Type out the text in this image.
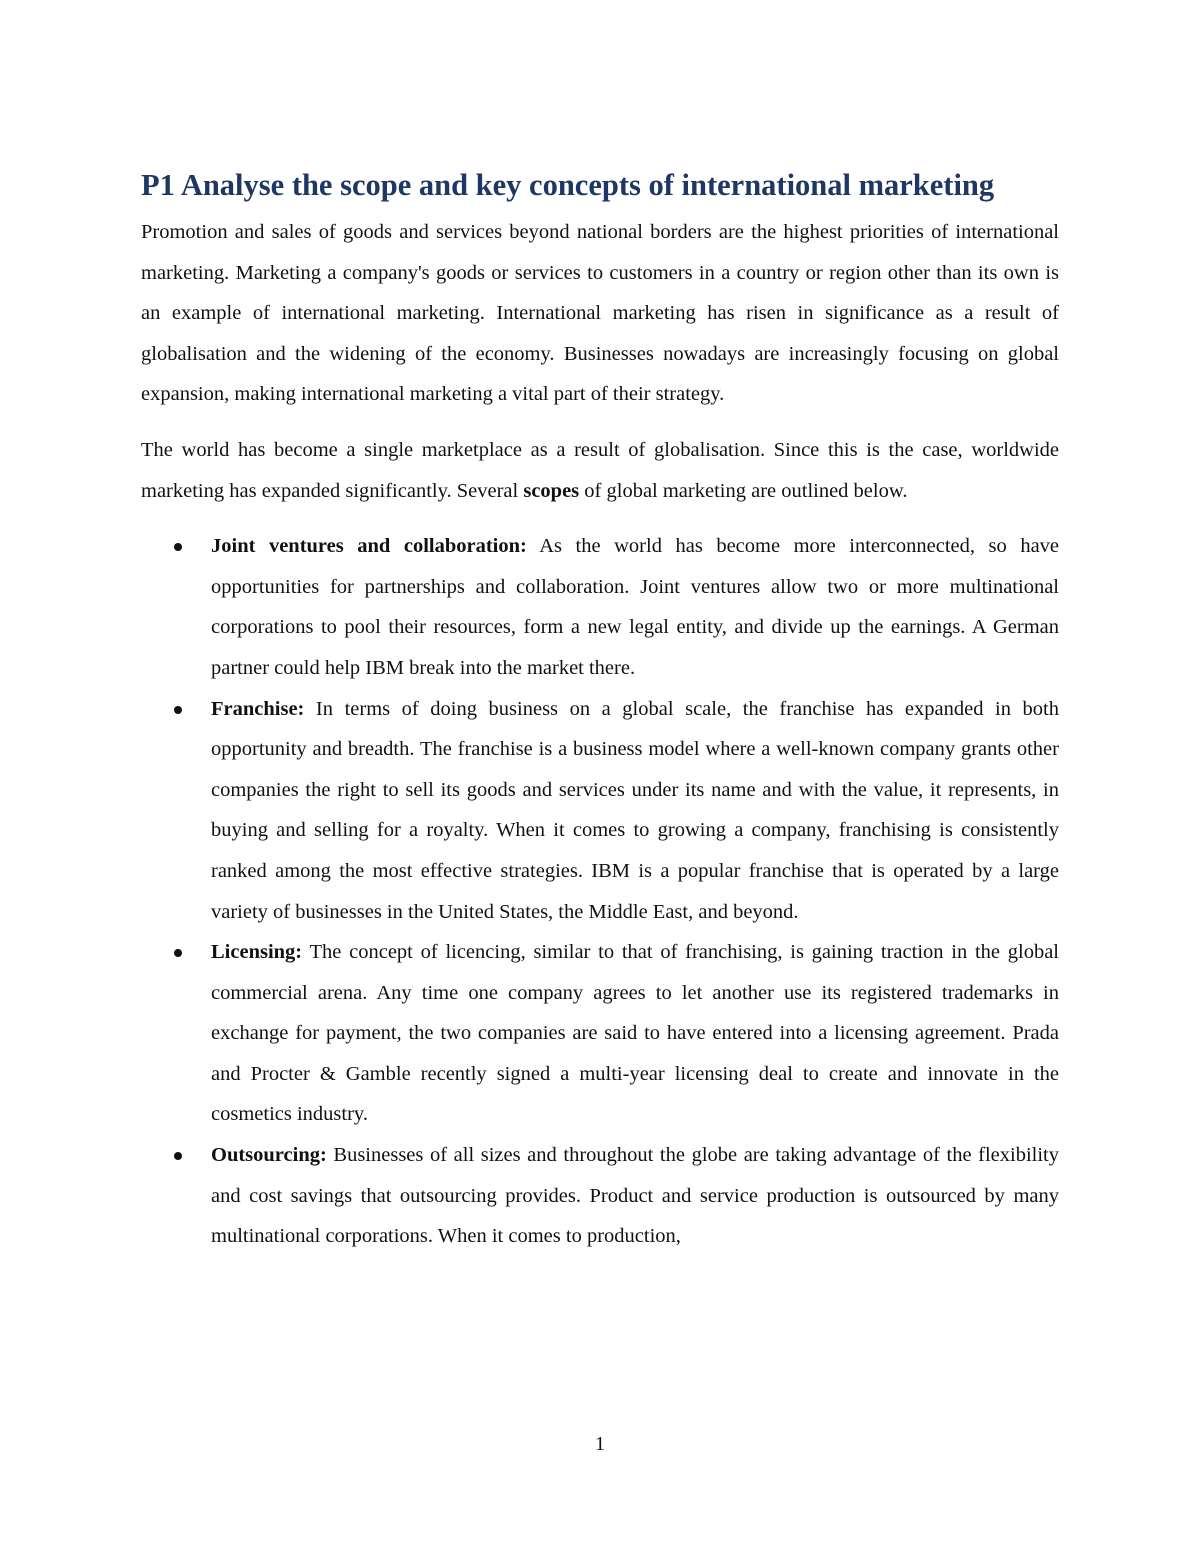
P1 Analyse the scope and key concepts of international marketing

Promotion and sales of goods and services beyond national borders are the highest priorities of international marketing. Marketing a company's goods or services to customers in a country or region other than its own is an example of international marketing. International marketing has risen in significance as a result of globalisation and the widening of the economy. Businesses nowadays are increasingly focusing on global expansion, making international marketing a vital part of their strategy.

The world has become a single marketplace as a result of globalisation. Since this is the case, worldwide marketing has expanded significantly. Several scopes of global marketing are outlined below.

Joint ventures and collaboration: As the world has become more interconnected, so have opportunities for partnerships and collaboration. Joint ventures allow two or more multinational corporations to pool their resources, form a new legal entity, and divide up the earnings. A German partner could help IBM break into the market there.
Franchise: In terms of doing business on a global scale, the franchise has expanded in both opportunity and breadth. The franchise is a business model where a well-known company grants other companies the right to sell its goods and services under its name and with the value, it represents, in buying and selling for a royalty. When it comes to growing a company, franchising is consistently ranked among the most effective strategies. IBM is a popular franchise that is operated by a large variety of businesses in the United States, the Middle East, and beyond.
Licensing: The concept of licencing, similar to that of franchising, is gaining traction in the global commercial arena. Any time one company agrees to let another use its registered trademarks in exchange for payment, the two companies are said to have entered into a licensing agreement. Prada and Procter & Gamble recently signed a multi-year licensing deal to create and innovate in the cosmetics industry.
Outsourcing: Businesses of all sizes and throughout the globe are taking advantage of the flexibility and cost savings that outsourcing provides. Product and service production is outsourced by many multinational corporations. When it comes to production,
1
